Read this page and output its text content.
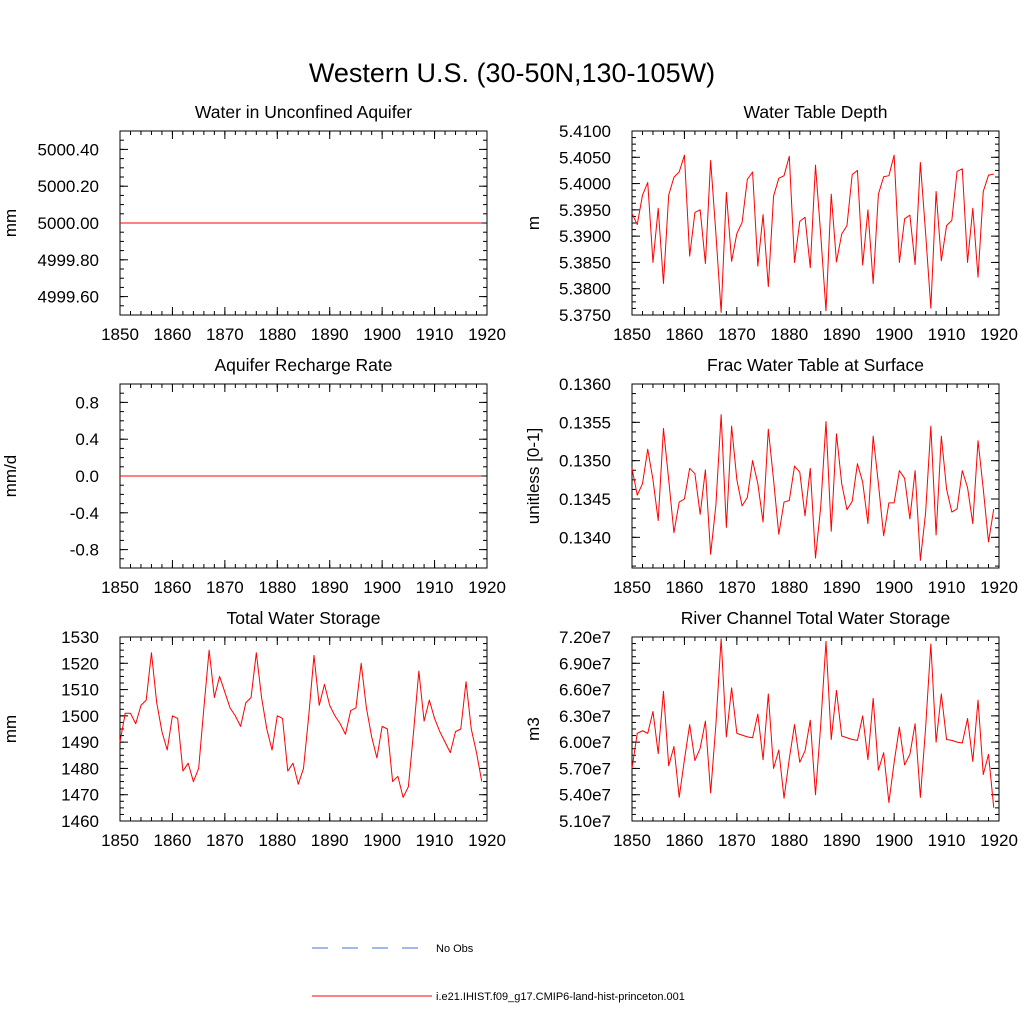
Western U.S. (30-50N,130-105W)
Water in Unconfined Aquifer
1850 1860 1870 1880 1890 1900 1910 1920
4999.60
4999.80
5000.00
5000.20
5000.40
mm
Water Table Depth
1850 1860 1870 1880 1890 1900 1910 1920
5.3750
5.3800
5.3850
5.3900
5.3950
5.4000
5.4050
5.4100
m
Aquifer Recharge Rate
1850 1860 1870 1880 1890 1900 1910 1920
-0.8
-0.4
0.0
0.4
0.8
mm/d
Frac Water Table at Surface
1850 1860 1870 1880 1890 1900 1910 1920
0.1340
0.1345
0.1350
0.1355
0.1360
unitless [0-1]
Total Water Storage
1850 1860 1870 1880 1890 1900 1910 1920
1460
1470
1480
1490
1500
1510
1520
1530
mm
River Channel Total Water Storage
1850 1860 1870 1880 1890 1900 1910 1920
5.10e7
5.40e7
5.70e7
6.00e7
6.30e7
6.60e7
6.90e7
7.20e7
m3
No Obs
i.e21.IHIST.f09_g17.CMIP6-land-hist-princeton.001
